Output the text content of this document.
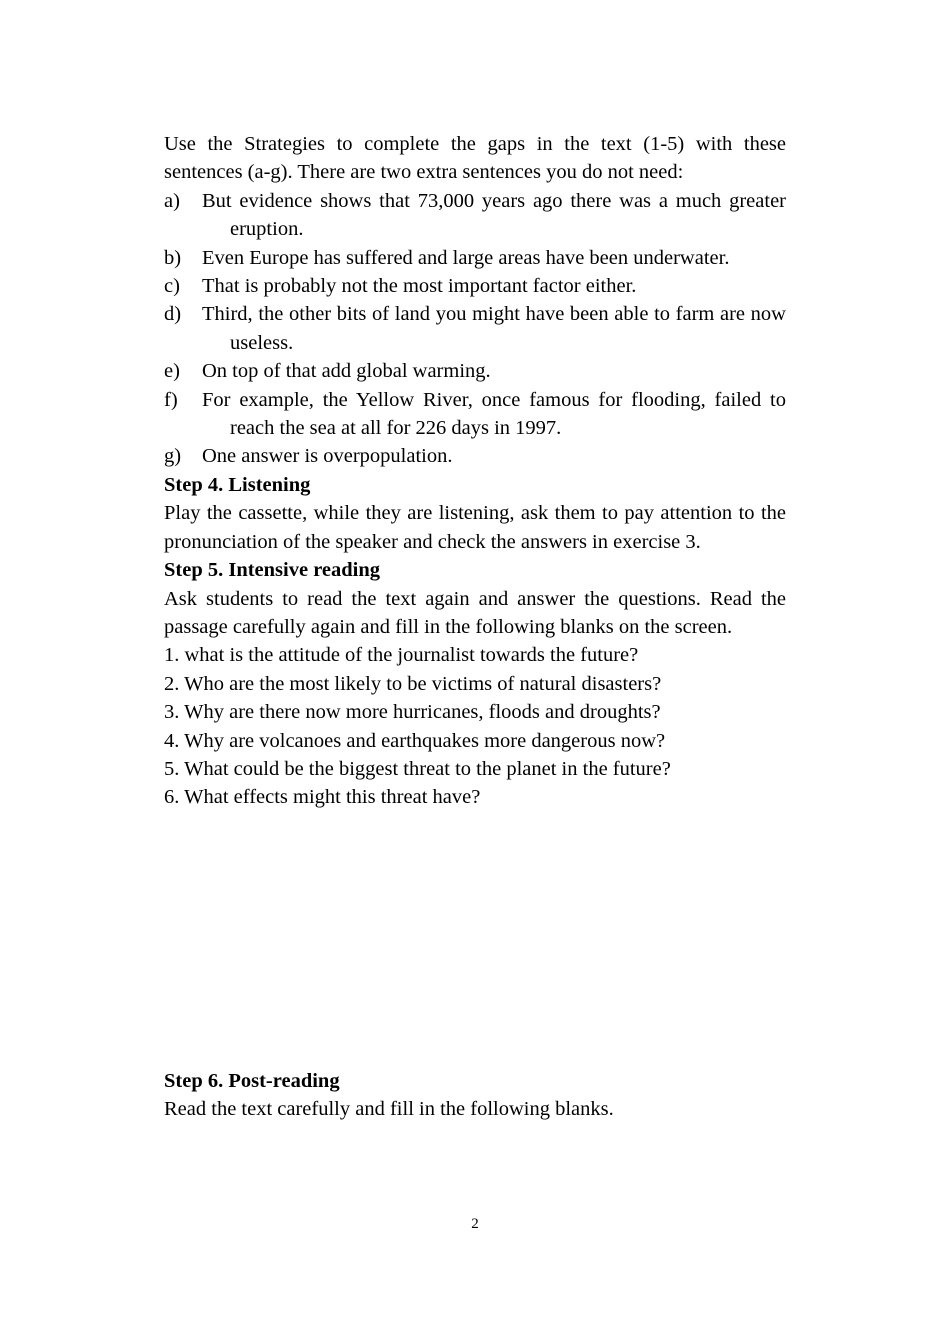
Use the Strategies to complete the gaps in the text (1-5) with these sentences (a-g). There are two extra sentences you do not need:

a) But evidence shows that 73,000 years ago there was a much greater eruption.
b) Even Europe has suffered and large areas have been underwater.
c) That is probably not the most important factor either.
d) Third, the other bits of land you might have been able to farm are now useless.
e) On top of that add global warming.
f) For example, the Yellow River, once famous for flooding, failed to reach the sea at all for 226 days in 1997.
g) One answer is overpopulation.
Step 4. Listening

Play the cassette, while they are listening, ask them to pay attention to the pronunciation of the speaker and check the answers in exercise 3.

Step 5. Intensive reading

Ask students to read the text again and answer the questions. Read the passage carefully again and fill in the following blanks on the screen.

1. what is the attitude of the journalist towards the future?

2. Who are the most likely to be victims of natural disasters?

3. Why are there now more hurricanes, floods and droughts?

4. Why are volcanoes and earthquakes more dangerous now?

5. What could be the biggest threat to the planet in the future?

6. What effects might this threat have?

Step 6. Post-reading

Read the text carefully and fill in the following blanks.

2
